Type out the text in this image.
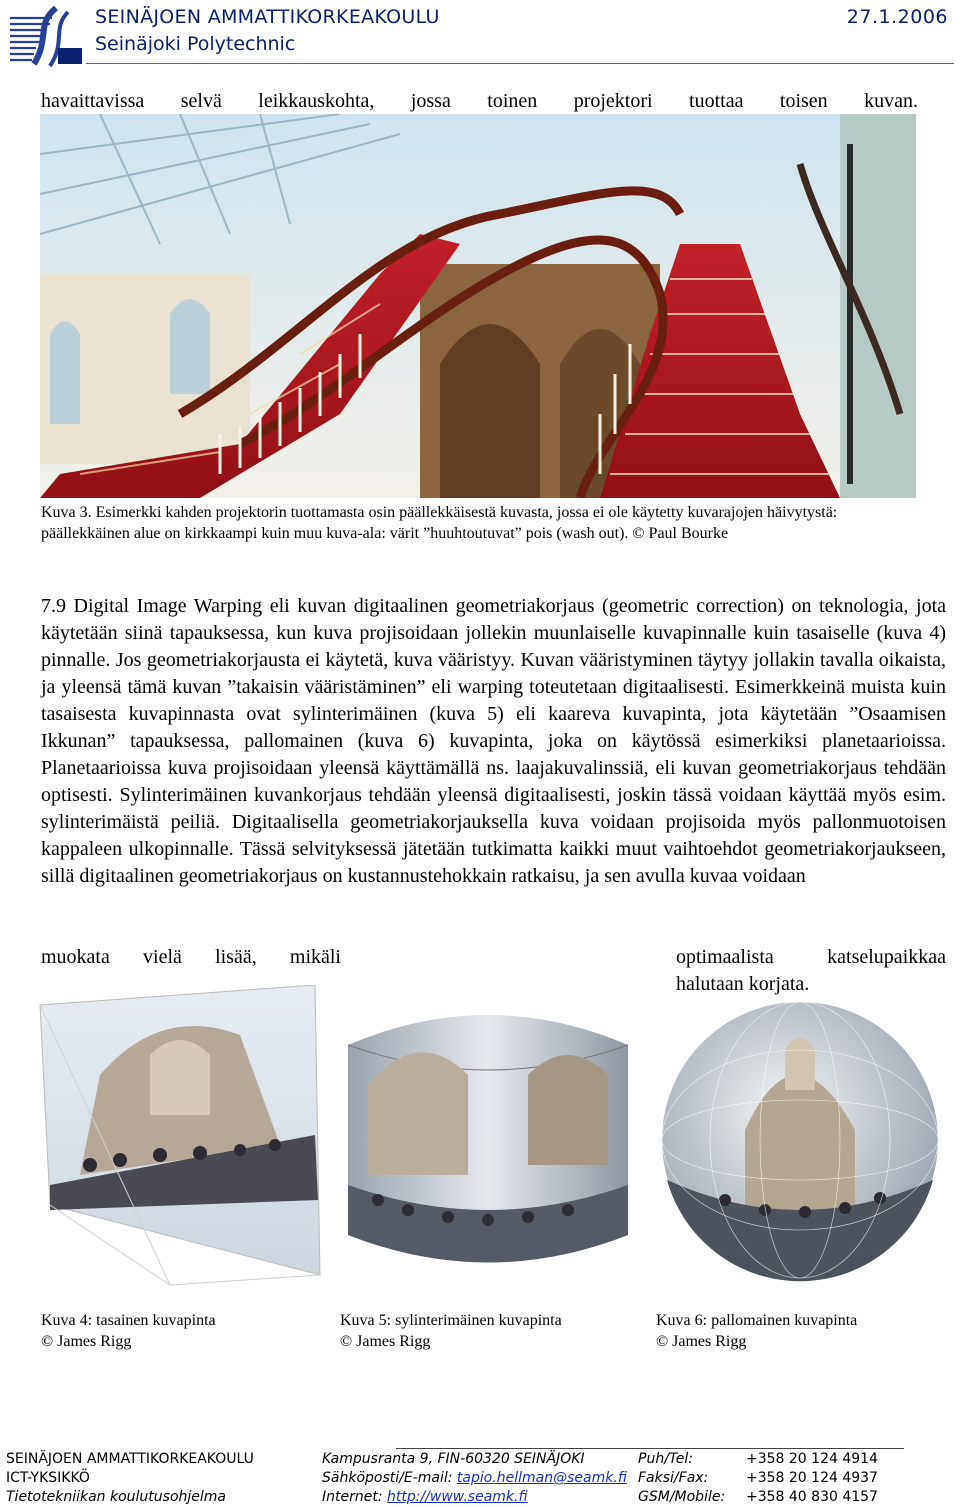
SEINÄJOEN AMMATTIKORKEAKOULU
Seinäjoki Polytechnic
27.1.2006
havaittavissa selvä leikkauskohta, jossa toinen projektori tuottaa toisen kuvan.
Kuva 3. Esimerkki kahden projektorin tuottamasta osin päällekkäisestä kuvasta, jossa ei ole käytetty kuvarajojen häivytystä: päällekkäinen alue on kirkkaampi kuin muu kuva-ala: värit ”huuhtoutuvat” pois (wash out). © Paul Bourke
7.9 Digital Image Warping eli kuvan digitaalinen geometriakorjaus (geometric correction) on teknologia, jota käytetään siinä tapauksessa, kun kuva projisoidaan jollekin muunlaiselle kuvapinnalle kuin tasaiselle (kuva 4) pinnalle. Jos geometriakorjausta ei käytetä, kuva vääristyy. Kuvan vääristyminen täytyy jollakin tavalla oikaista, ja yleensä tämä kuvan ”takaisin vääristäminen” eli warping toteutetaan digitaalisesti. Esimerkkeinä muista kuin tasaisesta kuvapinnasta ovat sylinterimäinen (kuva 5) eli kaareva kuvapinta, jota käytetään ”Osaamisen Ikkunan” tapauksessa, pallomainen (kuva 6) kuvapinta, joka on käytössä esimerkiksi planetaarioissa. Planetaarioissa kuva projisoidaan yleensä käyttämällä ns. laajakuvalinssiä, eli kuvan geometriakorjaus tehdään optisesti. Sylinterimäinen kuvankorjaus tehdään yleensä digitaalisesti, joskin tässä voidaan käyttää myös esim. sylinterimäistä peiliä. Digitaalisella geometriakorjauksella kuva voidaan projisoida myös pallonmuotoisen kappaleen ulkopinnalle. Tässä selvityksessä jätetään tutkimatta kaikki muut vaihtoehdot geometriakorjaukseen, sillä digitaalinen geometriakorjaus on kustannustehokkain ratkaisu, ja sen avulla kuvaa voidaan
muokata vielä lisää, mikäli	optimaalista katselupaikkaa
halutaan korjata.
Kuva 4: tasainen kuvapinta
© James Rigg
Kuva 5: sylinterimäinen kuvapinta
© James Rigg
Kuva 6: pallomainen kuvapinta
© James Rigg
SEINÄJOEN AMMATTIKORKEAKOULU
ICT-YKSIKKÖ
Tietotekniikan koulutusohjelma
Kampusranta 9, FIN-60320 SEINÄJOKI
Sähköposti/E-mail: tapio.hellman@seamk.fi
Internet: http://www.seamk.fi
Puh/Tel:
Faksi/Fax:
GSM/Mobile:
+358 20 124 4914
+358 20 124 4937
+358 40 830 4157
